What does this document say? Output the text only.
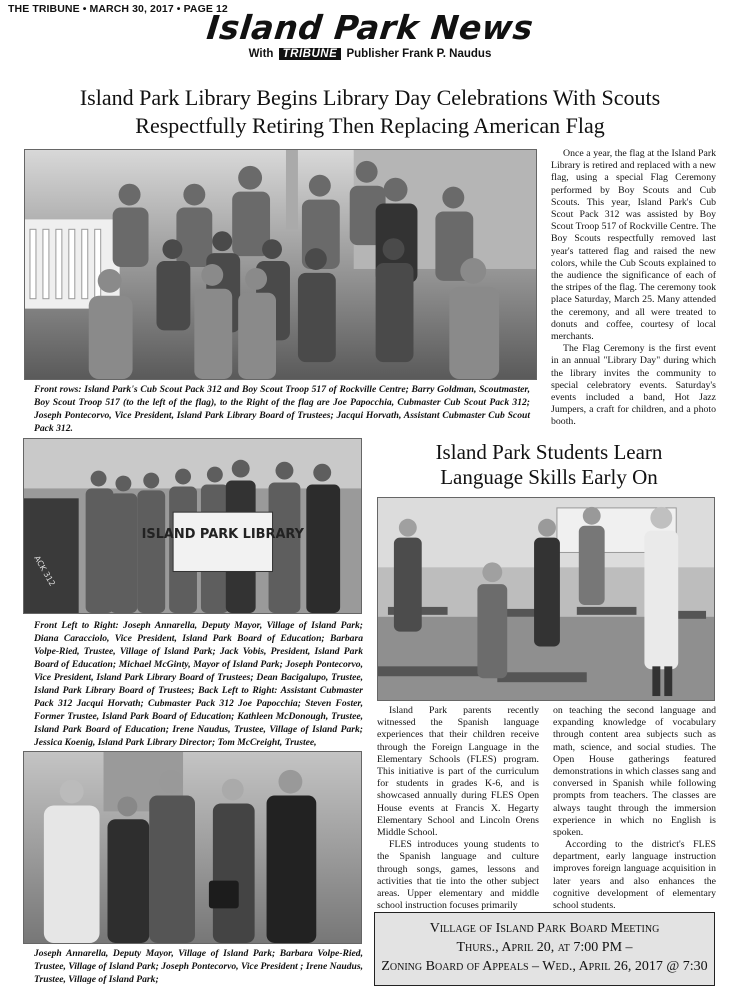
THE TRIBUNE • MARCH 30, 2017 • PAGE 12
Island Park News
With TRIBUNE Publisher Frank P. Naudus
Island Park Library Begins Library Day Celebrations With Scouts
Respectfully Retiring Then Replacing American Flag
Front rows: Island Park's Cub Scout Pack 312 and Boy Scout Troop 517 of Rockville Centre; Barry Goldman, Scoutmaster, Boy Scout Troop 517 (to the left of the flag), to the Right of the flag are Joe Papocchia, Cubmaster Cub Scout Pack 312; Joseph Pontecorvo, Vice President, Island Park Library Board of Trustees; Jacqui Horvath, Assistant Cubmaster Cub Scout Pack 312.

Once a year, the flag at the Island Park Library is retired and replaced with a new flag, using a special Flag Ceremony performed by Boy Scouts and Cub Scouts. This year, Island Park's Cub Scout Pack 312 was assisted by Boy Scout Troop 517 of Rockville Centre. The Boy Scouts respectfully removed last year's tattered flag and raised the new colors, while the Cub Scouts explained to the audience the significance of each of the stripes of the flag. The ceremony took place Saturday, March 25. Many attended the ceremony, and all were treated to donuts and coffee, courtesy of local merchants.

The Flag Ceremony is the first event in an annual "Library Day" during which the library invites the community to special celebratory events. Saturday's events included a band, Hot Jazz Jumpers, a craft for children, and a photo booth.

ACK 312
ISLAND PARK LIBRARY
Front Left to Right: Joseph Annarella, Deputy Mayor, Village of Island Park; Diana Caracciolo, Vice President, Island Park Board of Education; Barbara Volpe-Ried, Trustee, Village of Island Park; Jack Vobis, President, Island Park Board of Education; Michael McGinty, Mayor of Island Park; Joseph Pontecorvo, Vice President, Island Park Library Board of Trustees; Dean Bacigalupo, Trustee, Island Park Library Board of Trustees; Back Left to Right: Assistant Cubmaster Pack 312 Jacqui Horvath; Cubmaster Pack 312 Joe Papocchia; Steven Foster, Former Trustee, Island Park Board of Education; Kathleen McDonough, Trustee, Island Park Board of Education; Irene Naudus, Trustee, Village of Island Park; Jessica Koenig, Island Park Library Director; Tom McCreight, Trustee,
Joseph Annarella, Deputy Mayor, Village of Island Park; Barbara Volpe-Ried, Trustee, Village of Island Park; Joseph Pontecorvo, Vice President ; Irene Naudus, Trustee, Village of Island Park;
Island Park Students Learn
Language Skills Early On

Island Park parents recently witnessed the Spanish language experiences that their children receive through the Foreign Language in the Elementary Schools (FLES) program. This initiative is part of the curriculum for students in grades K-6, and is showcased annually during FLES Open House events at Francis X. Hegarty Elementary School and Lincoln Orens Middle School.

FLES introduces young students to the Spanish language and culture through songs, games, lessons and activities that tie into the other subject areas. Upper elementary and middle school instruction focuses primarily

on teaching the second language and expanding knowledge of vocabulary through content area subjects such as math, science, and social studies. The Open House gatherings featured demonstrations in which classes sang and conversed in Spanish while following prompts from teachers. The classes are always taught through the immersion experience in which no English is spoken.

According to the district's FLES department, early language instruction improves foreign language acquisition in later years and also enhances the cognitive development of elementary school students.

Village of Island Park Board Meeting
Thurs., April 20, at 7:00 PM –
Zoning Board of Appeals – Wed., April 26, 2017 @ 7:30
